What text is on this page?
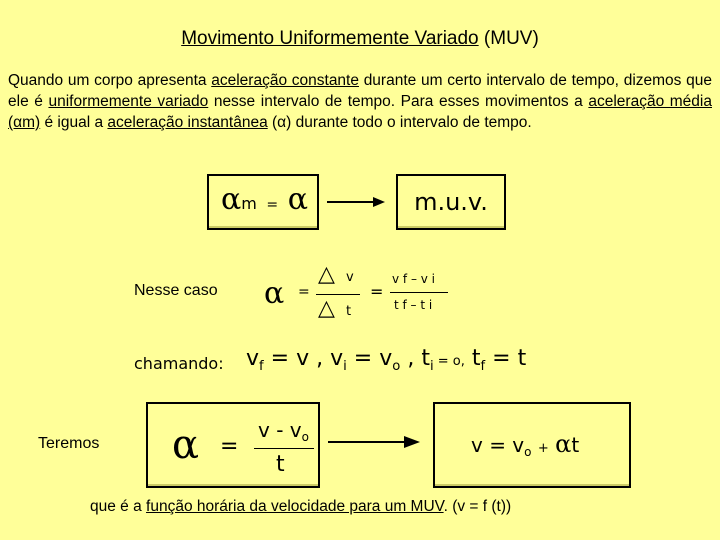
Movimento Uniformemente Variado (MUV)
Quando um corpo apresenta aceleração constante durante um certo intervalo de tempo, dizemos que ele é uniformemente variado nesse intervalo de tempo. Para esses movimentos a aceleração média (αm) é igual a aceleração instantânea (α) durante todo o intervalo de tempo.
αm = α	m.u.v.
Nesse caso α =
△ v
△ t
=
v f – v i
t f – t i
chamando: $v_f = v$ , $v_i = v_o$ , $t_i = o$, $t_f = t$
Teremos α =
v - $v_o$
t
$v = v_o + \alpha t$
que é a função horária da velocidade para um MUV. (v = f (t))
